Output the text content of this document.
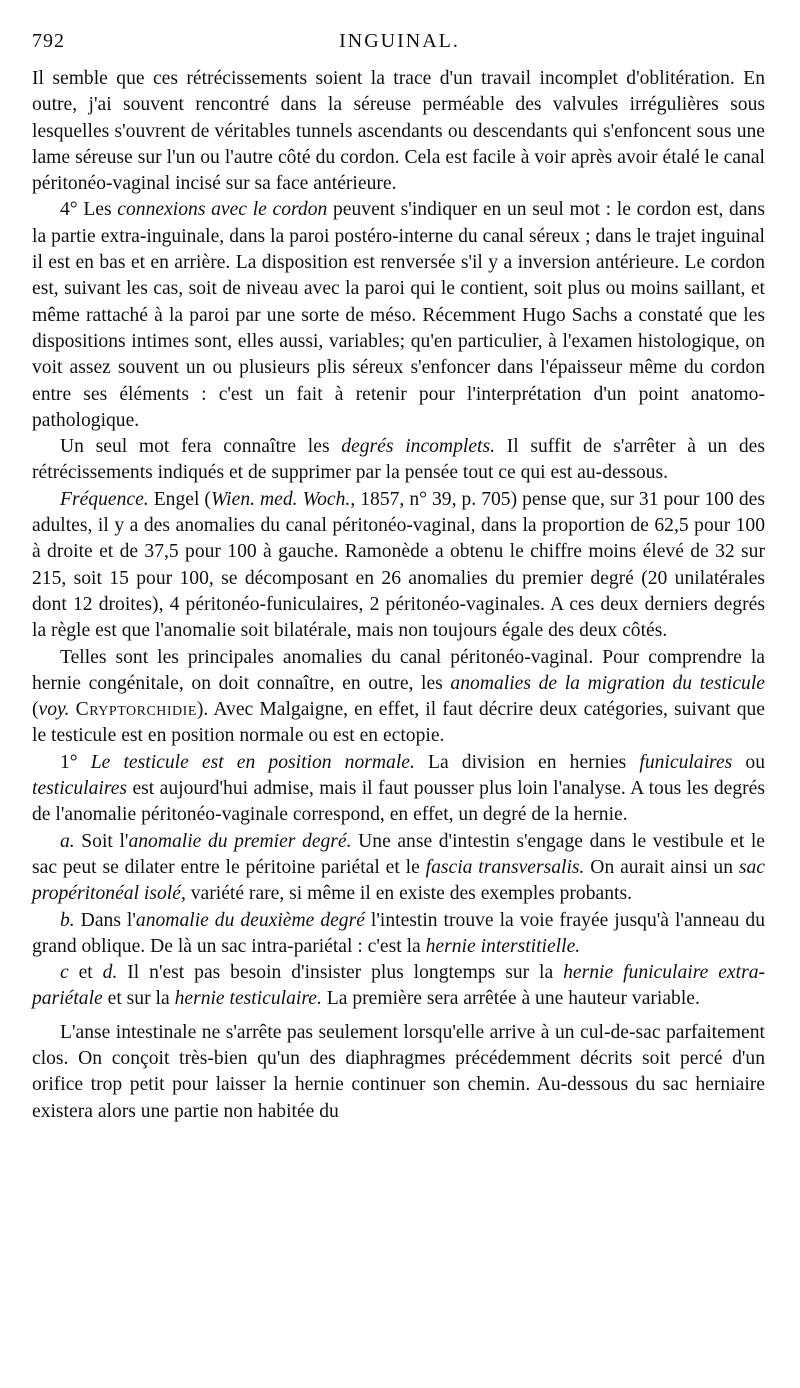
792	INGUINAL.

Il semble que ces rétrécissements soient la trace d'un travail incomplet d'oblitération. En outre, j'ai souvent rencontré dans la séreuse perméable des valvules irrégulières sous lesquelles s'ouvrent de véritables tunnels ascendants ou descendants qui s'enfoncent sous une lame séreuse sur l'un ou l'autre côté du cordon. Cela est facile à voir après avoir étalé le canal péritonéo-vaginal incisé sur sa face antérieure.

4° Les connexions avec le cordon peuvent s'indiquer en un seul mot : le cordon est, dans la partie extra-inguinale, dans la paroi postéro-interne du canal séreux ; dans le trajet inguinal il est en bas et en arrière. La disposition est renversée s'il y a inversion antérieure. Le cordon est, suivant les cas, soit de niveau avec la paroi qui le contient, soit plus ou moins saillant, et même rattaché à la paroi par une sorte de méso. Récemment Hugo Sachs a constaté que les dispositions intimes sont, elles aussi, variables; qu'en particulier, à l'examen histologique, on voit assez souvent un ou plusieurs plis séreux s'enfoncer dans l'épaisseur même du cordon entre ses éléments : c'est un fait à retenir pour l'interprétation d'un point anatomo-pathologique.

Un seul mot fera connaître les degrés incomplets. Il suffit de s'arrêter à un des rétrécissements indiqués et de supprimer par la pensée tout ce qui est au-dessous.

Fréquence. Engel (Wien. med. Woch., 1857, n° 39, p. 705) pense que, sur 31 pour 100 des adultes, il y a des anomalies du canal péritonéo-vaginal, dans la proportion de 62,5 pour 100 à droite et de 37,5 pour 100 à gauche. Ramonède a obtenu le chiffre moins élevé de 32 sur 215, soit 15 pour 100, se décomposant en 26 anomalies du premier degré (20 unilatérales dont 12 droites), 4 péritonéo-funiculaires, 2 péritonéo-vaginales. A ces deux derniers degrés la règle est que l'anomalie soit bilatérale, mais non toujours égale des deux côtés.

Telles sont les principales anomalies du canal péritonéo-vaginal. Pour comprendre la hernie congénitale, on doit connaître, en outre, les anomalies de la migration du testicule (voy. Cryptorchidie). Avec Malgaigne, en effet, il faut décrire deux catégories, suivant que le testicule est en position normale ou est en ectopie.

1° Le testicule est en position normale. La division en hernies funiculaires ou testiculaires est aujourd'hui admise, mais il faut pousser plus loin l'analyse. A tous les degrés de l'anomalie péritonéo-vaginale correspond, en effet, un degré de la hernie.

a. Soit l'anomalie du premier degré. Une anse d'intestin s'engage dans le vestibule et le sac peut se dilater entre le péritoine pariétal et le fascia transversalis. On aurait ainsi un sac propéritonéal isolé, variété rare, si même il en existe des exemples probants.

b. Dans l'anomalie du deuxième degré l'intestin trouve la voie frayée jusqu'à l'anneau du grand oblique. De là un sac intra-pariétal : c'est la hernie interstitielle.

c et d. Il n'est pas besoin d'insister plus longtemps sur la hernie funiculaire extra-pariétale et sur la hernie testiculaire. La première sera arrêtée à une hauteur variable.

L'anse intestinale ne s'arrête pas seulement lorsqu'elle arrive à un cul-de-sac parfaitement clos. On conçoit très-bien qu'un des diaphragmes précédemment décrits soit percé d'un orifice trop petit pour laisser la hernie continuer son chemin. Au-dessous du sac herniaire existera alors une partie non habitée du
